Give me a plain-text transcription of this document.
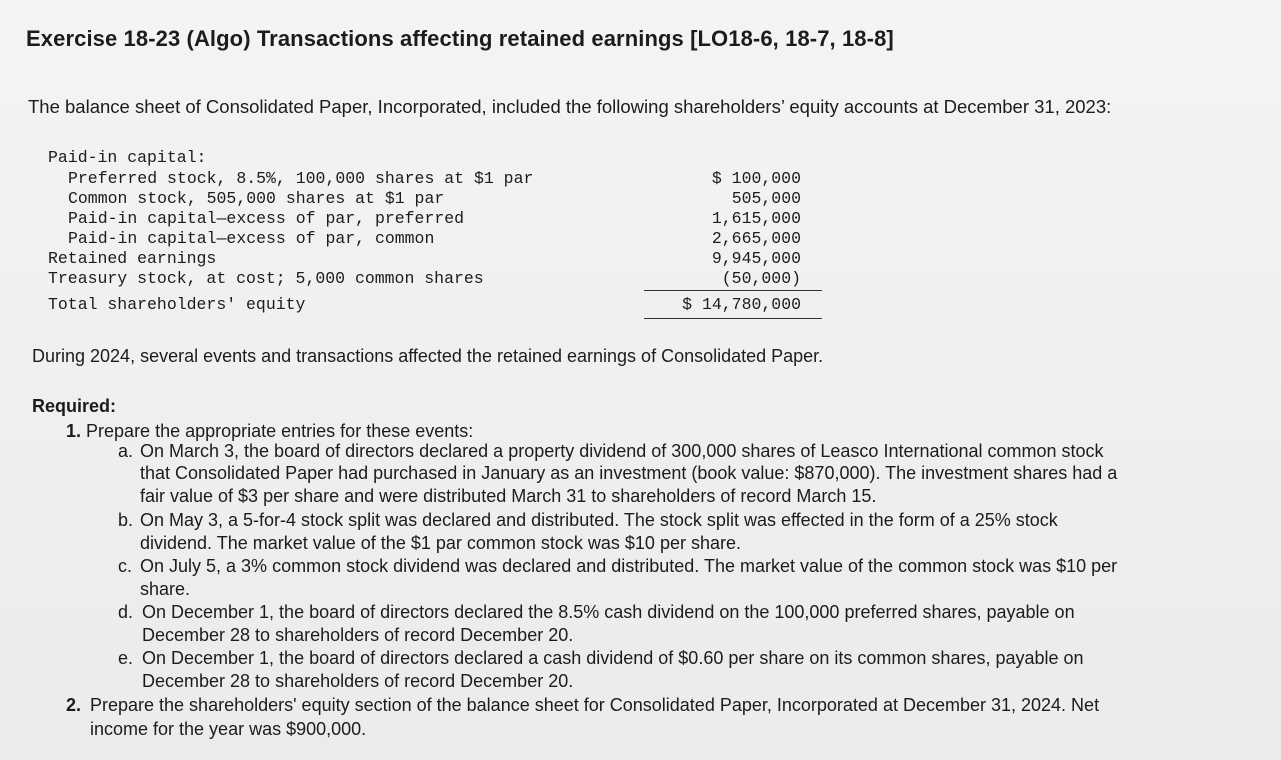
Exercise 18-23 (Algo) Transactions affecting retained earnings [LO18-6, 18-7, 18-8]
The balance sheet of Consolidated Paper, Incorporated, included the following shareholders’ equity accounts at December 31, 2023:
Paid-in capital:
Preferred stock, 8.5%, 100,000 shares at $1 par	$ 100,000
Common stock, 505,000 shares at $1 par	505,000
Paid-in capital—excess of par, preferred	1,615,000
Paid-in capital—excess of par, common	2,665,000
Retained earnings	9,945,000
Treasury stock, at cost; 5,000 common shares	(50,000)
Total shareholders' equity	$ 14,780,000
During 2024, several events and transactions affected the retained earnings of Consolidated Paper.
Required:
1. Prepare the appropriate entries for these events:
a. On March 3, the board of directors declared a property dividend of 300,000 shares of Leasco International common stock
that Consolidated Paper had purchased in January as an investment (book value: $870,000). The investment shares had a
fair value of $3 per share and were distributed March 31 to shareholders of record March 15.
b. On May 3, a 5-for-4 stock split was declared and distributed. The stock split was effected in the form of a 25% stock
dividend. The market value of the $1 par common stock was $10 per share.
c. On July 5, a 3% common stock dividend was declared and distributed. The market value of the common stock was $10 per
share.
d. On December 1, the board of directors declared the 8.5% cash dividend on the 100,000 preferred shares, payable on
December 28 to shareholders of record December 20.
e. On December 1, the board of directors declared a cash dividend of $0.60 per share on its common shares, payable on
December 28 to shareholders of record December 20.
2. Prepare the shareholders' equity section of the balance sheet for Consolidated Paper, Incorporated at December 31, 2024. Net
income for the year was $900,000.
